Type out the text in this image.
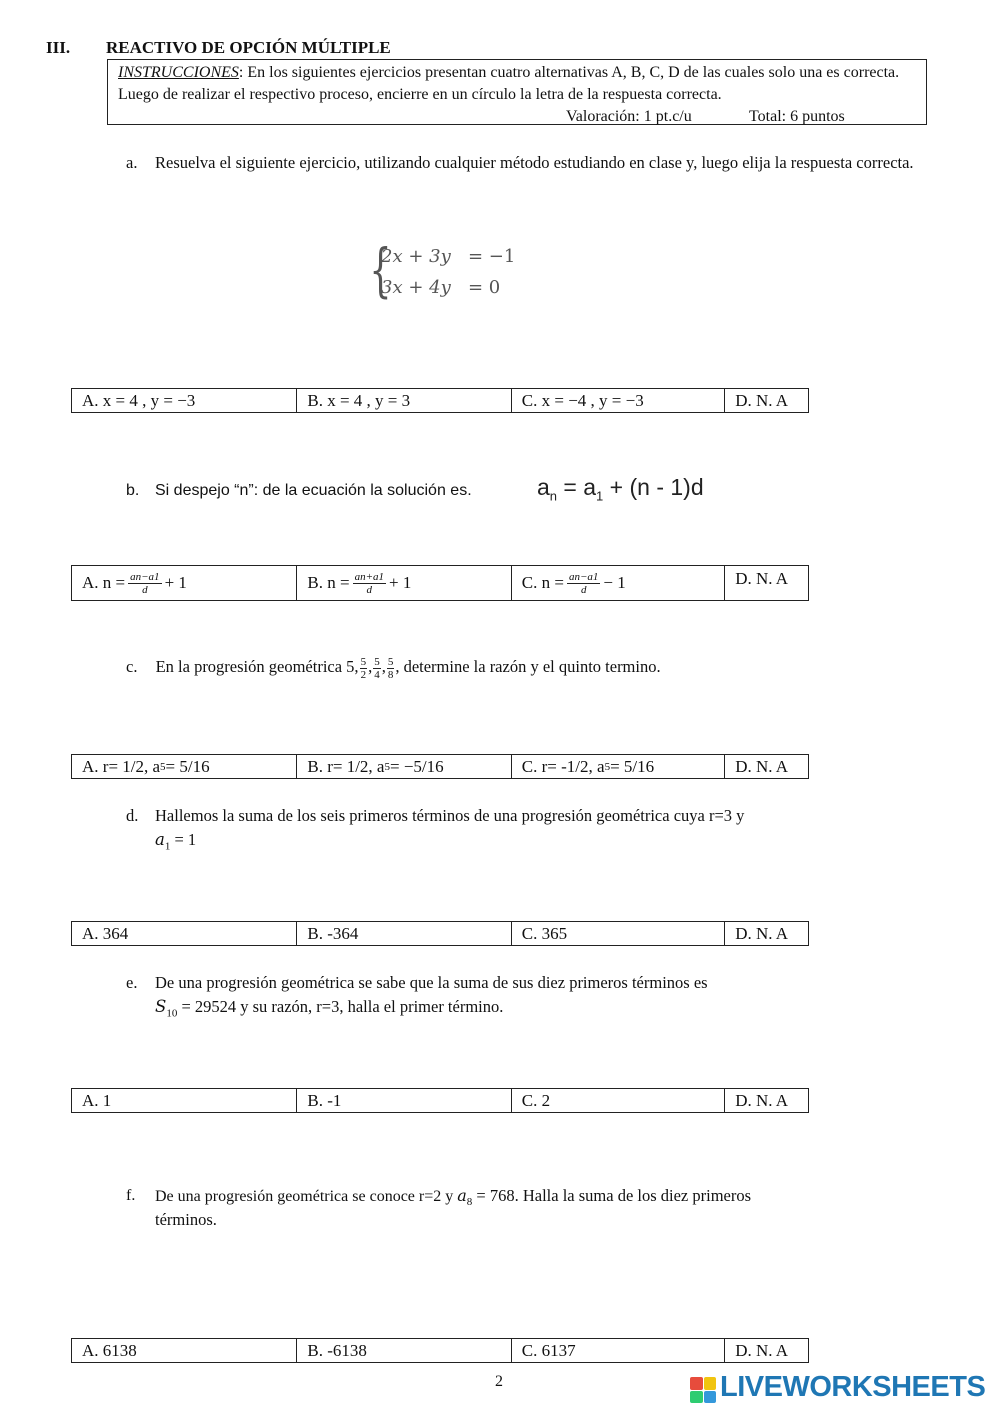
III. REACTIVO DE OPCIÓN MÚLTIPLE
INSTRUCCIONES: En los siguientes ejercicios presentan cuatro alternativas A, B, C, D de las cuales solo una es correcta. Luego de realizar el respectivo proceso, encierre en un círculo la letra de la respuesta correcta.
Valoración: 1 pt.c/u	Total: 6 puntos
a. Resuelva el siguiente ejercicio, utilizando cualquier método estudiando en clase y, luego elija la respuesta correcta.
{
2x + 3y = −1
3x + 4y = 0
A. x = 4 , y = −3	B. x = 4 , y = 3	C. x = −4 , y = −3	D. N. A
b. Si despejo “n”: de la ecuación la solución es.	$a_n = a_1 + (n - 1)d$
A. $n = \frac{an-a1}{d} + 1$	B. $n = \frac{an+a1}{d} + 1$	C. $n = \frac{an-a1}{d} - 1$	D. N. A
c. En la progresión geométrica 5, $\frac{5}{2}$ , $\frac{5}{4}$ , $\frac{5}{8}$ , determine la razón y el quinto termino.
A. r= 1/2, a 5 = 5/16	B. r= 1/2, a 5 = −5/16	C. r= -1/2, a 5 = 5/16	D. N. A
d. Hallemos la suma de los seis primeros términos de una progresión geométrica cuya r=3 y
$a_1 = 1$
A. 364	B. -364	C. 365	D. N. A
e. De una progresión geométrica se sabe que la suma de sus diez primeros términos es
$S_{10} = 29524$ y su razón, r=3, halla el primer término.
A. 1	B. -1	C. 2	D. N. A
f. De una progresión geométrica se conoce r=2 y $a_8 = 768$. Halla la suma de los diez primeros
términos.
A. 6138	B. -6138	C. 6137	D. N. A
2	LIVEWORKSHEETS
